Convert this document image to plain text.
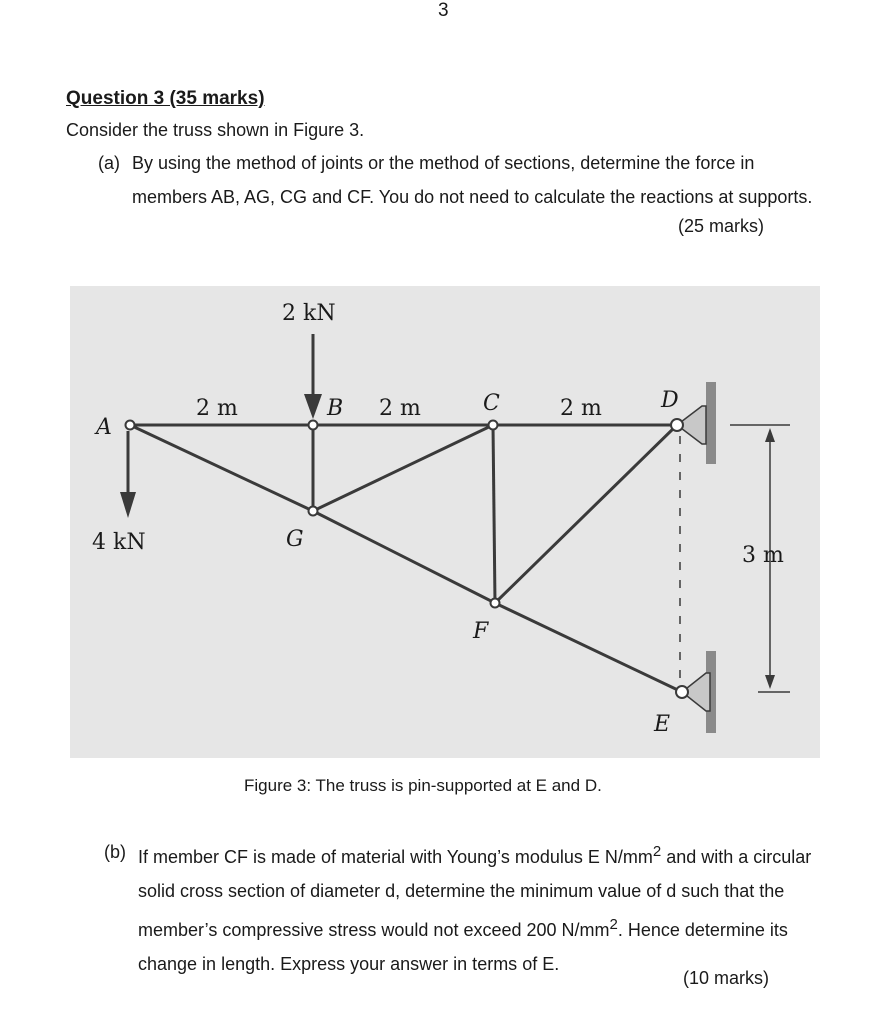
3
Question 3 (35 marks)
Consider the truss shown in Figure 3.
(a) By using the method of joints or the method of sections, determine the force in members AB, AG, CG and CF. You do not need to calculate the reactions at supports.
(25 marks)
2 kN
4 kN
2 m	2 m	2 m
3 m
A
B	C	D
E
F
G
Figure 3: The truss is pin-supported at E and D.
(b) If member CF is made of material with Young’s modulus E $N/mm^2$ and with a circular solid cross section of diameter d, determine the minimum value of d such that the member’s compressive stress would not exceed 200 $N/mm^2$. Hence determine its change in length. Express your answer in terms of E.
(10 marks)
